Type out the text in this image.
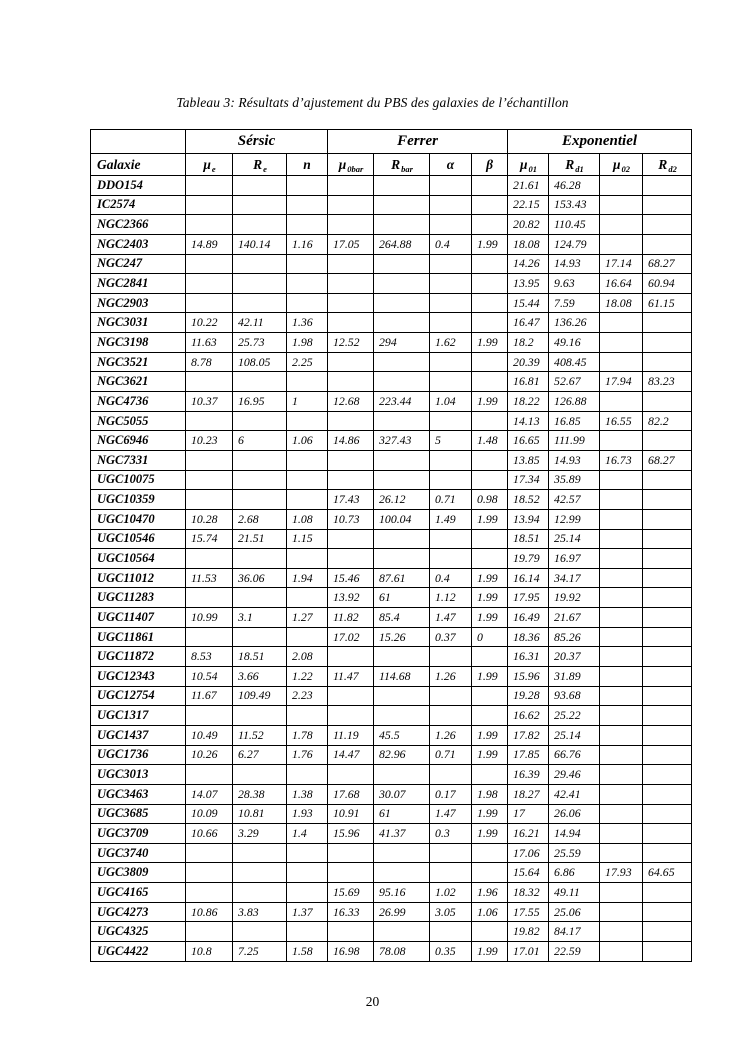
Tableau 3: Résultats d’ajustement du PBS des galaxies de l’échantillon
	Sérsic			Ferrer				Exponentiel			
Galaxie	$\mu_e$	$R_e$	n	$\mu_{0bar}$	$R_{bar}$	α	β	$\mu_{01}$	$R_{d1}$	$\mu_{02}$	$R_{d2}$
DDO154								21.61	46.28		
IC2574								22.15	153.43		
NGC2366								20.82	110.45		
NGC2403	14.89	140.14	1.16	17.05	264.88	0.4	1.99	18.08	124.79		
NGC247								14.26	14.93	17.14	68.27
NGC2841								13.95	9.63	16.64	60.94
NGC2903								15.44	7.59	18.08	61.15
NGC3031	10.22	42.11	1.36					16.47	136.26		
NGC3198	11.63	25.73	1.98	12.52	294	1.62	1.99	18.2	49.16		
NGC3521	8.78	108.05	2.25					20.39	408.45		
NGC3621								16.81	52.67	17.94	83.23
NGC4736	10.37	16.95	1	12.68	223.44	1.04	1.99	18.22	126.88		
NGC5055								14.13	16.85	16.55	82.2
NGC6946	10.23	6	1.06	14.86	327.43	5	1.48	16.65	111.99		
NGC7331								13.85	14.93	16.73	68.27
UGC10075								17.34	35.89		
UGC10359				17.43	26.12	0.71	0.98	18.52	42.57		
UGC10470	10.28	2.68	1.08	10.73	100.04	1.49	1.99	13.94	12.99		
UGC10546	15.74	21.51	1.15					18.51	25.14		
UGC10564								19.79	16.97		
UGC11012	11.53	36.06	1.94	15.46	87.61	0.4	1.99	16.14	34.17		
UGC11283				13.92	61	1.12	1.99	17.95	19.92		
UGC11407	10.99	3.1	1.27	11.82	85.4	1.47	1.99	16.49	21.67		
UGC11861				17.02	15.26	0.37	0	18.36	85.26		
UGC11872	8.53	18.51	2.08					16.31	20.37		
UGC12343	10.54	3.66	1.22	11.47	114.68	1.26	1.99	15.96	31.89		
UGC12754	11.67	109.49	2.23					19.28	93.68		
UGC1317								16.62	25.22		
UGC1437	10.49	11.52	1.78	11.19	45.5	1.26	1.99	17.82	25.14		
UGC1736	10.26	6.27	1.76	14.47	82.96	0.71	1.99	17.85	66.76		
UGC3013								16.39	29.46		
UGC3463	14.07	28.38	1.38	17.68	30.07	0.17	1.98	18.27	42.41		
UGC3685	10.09	10.81	1.93	10.91	61	1.47	1.99	17	26.06		
UGC3709	10.66	3.29	1.4	15.96	41.37	0.3	1.99	16.21	14.94		
UGC3740								17.06	25.59		
UGC3809								15.64	6.86	17.93	64.65
UGC4165				15.69	95.16	1.02	1.96	18.32	49.11		
UGC4273	10.86	3.83	1.37	16.33	26.99	3.05	1.06	17.55	25.06		
UGC4325								19.82	84.17		
UGC4422	10.8	7.25	1.58	16.98	78.08	0.35	1.99	17.01	22.59		
20
